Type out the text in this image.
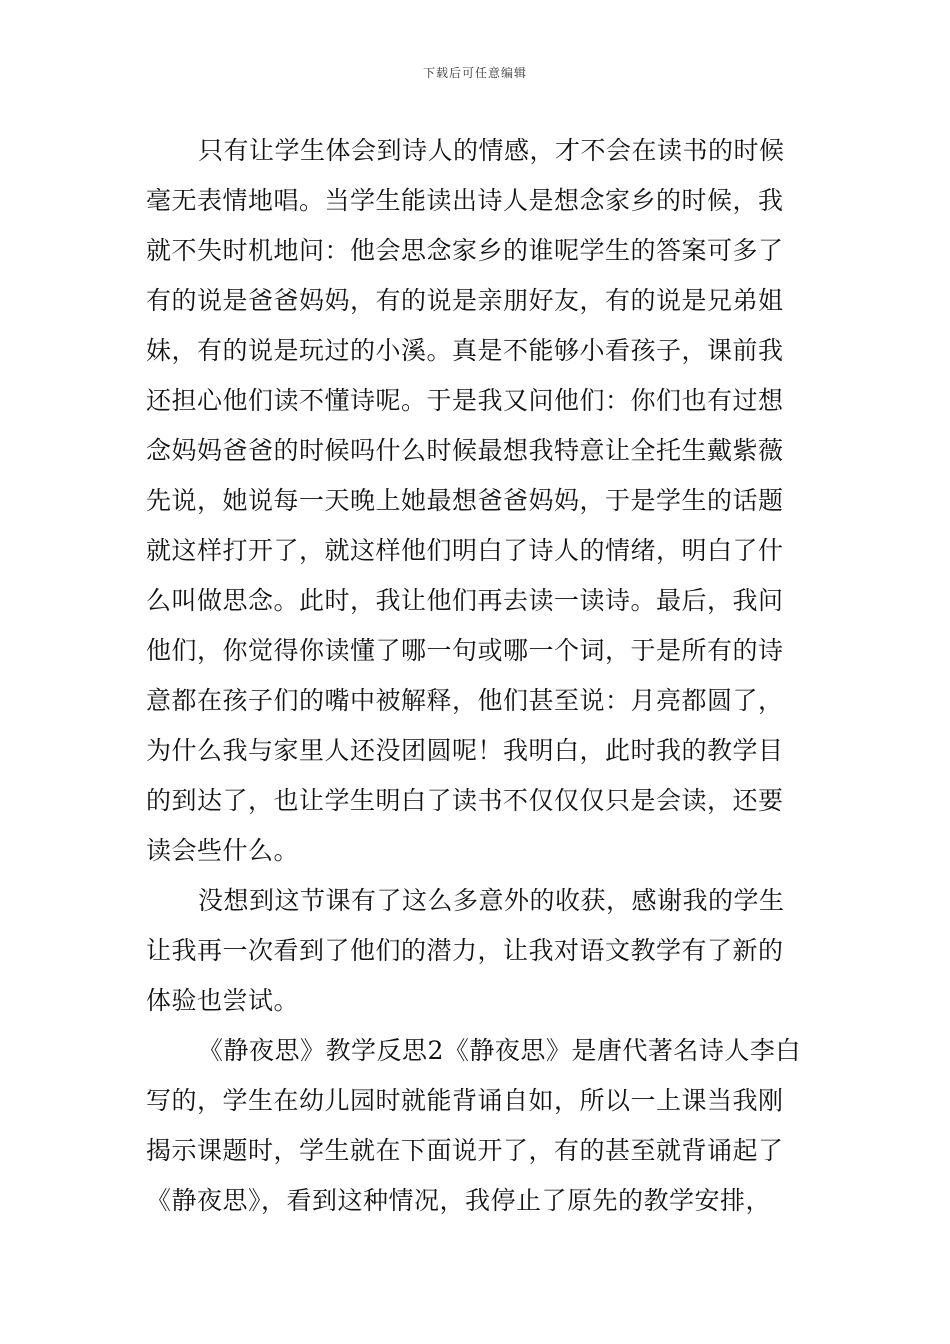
下载后可任意编辑
只有让学生体会到诗人的情感，才不会在读书的时候
毫无表情地唱。当学生能读出诗人是想念家乡的时候，我
就不失时机地问：他会思念家乡的谁呢学生的答案可多了
有的说是爸爸妈妈，有的说是亲朋好友，有的说是兄弟姐
妹，有的说是玩过的小溪。真是不能够小看孩子，课前我
还担心他们读不懂诗呢。于是我又问他们：你们也有过想
念妈妈爸爸的时候吗什么时候最想我特意让全托生戴紫薇
先说，她说每一天晚上她最想爸爸妈妈，于是学生的话题
就这样打开了，就这样他们明白了诗人的情绪，明白了什
么叫做思念。此时，我让他们再去读一读诗。最后，我问
他们，你觉得你读懂了哪一句或哪一个词，于是所有的诗
意都在孩子们的嘴中被解释，他们甚至说：月亮都圆了，
为什么我与家里人还没团圆呢！我明白，此时我的教学目
的到达了，也让学生明白了读书不仅仅仅只是会读，还要
读会些什么。
没想到这节课有了这么多意外的收获，感谢我的学生
让我再一次看到了他们的潜力，让我对语文教学有了新的
体验也尝试。
《静夜思》教学反思2《静夜思》是唐代著名诗人李白
写的，学生在幼儿园时就能背诵自如，所以一上课当我刚
揭示课题时，学生就在下面说开了，有的甚至就背诵起了
《静夜思》，看到这种情况，我停止了原先的教学安排，
